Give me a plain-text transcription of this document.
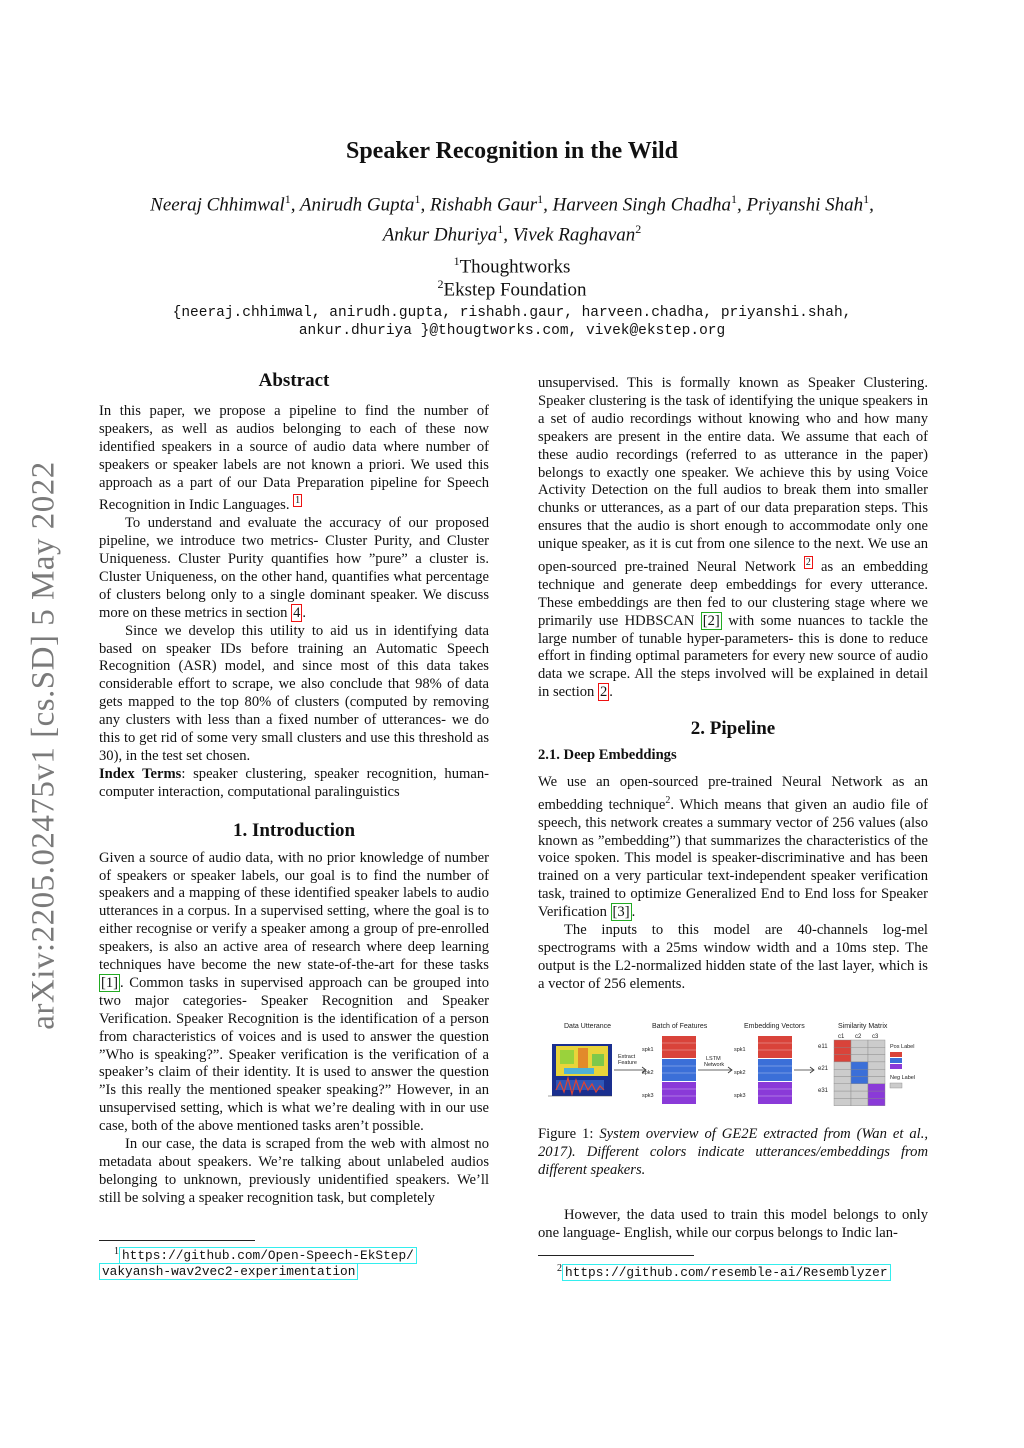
arXiv:2205.02475v1 [cs.SD] 5 May 2022
Speaker Recognition in the Wild
Neeraj Chhimwal$^1$, Anirudh Gupta$^1$, Rishabh Gaur$^1$, Harveen Singh Chadha$^1$, Priyanshi Shah$^1$,
Ankur Dhuriya$^1$, Vivek Raghavan$^2$
$^1$Thoughtworks
$^2$Ekstep Foundation
{neeraj.chhimwal, anirudh.gupta, rishabh.gaur, harveen.chadha, priyanshi.shah,
ankur.dhuriya }@thougtworks.com, vivek@ekstep.org

Abstract

In this paper, we propose a pipeline to find the number of speakers, as well as audios belonging to each of these now identified speakers in a source of audio data where number of speakers or speaker labels are not known a priori. We used this approach as a part of our Data Preparation pipeline for Speech Recognition in Indic Languages. $^1$

To understand and evaluate the accuracy of our proposed pipeline, we introduce two metrics- Cluster Purity, and Cluster Uniqueness. Cluster Purity quantifies how ”pure” a cluster is. Cluster Uniqueness, on the other hand, quantifies what percentage of clusters belong only to a single dominant speaker. We discuss more on these metrics in section 4 .

Since we develop this utility to aid us in identifying data based on speaker IDs before training an Automatic Speech Recognition (ASR) model, and since most of this data takes considerable effort to scrape, we also conclude that 98% of data gets mapped to the top 80% of clusters (computed by removing any clusters with less than a fixed number of utterances- we do this to get rid of some very small clusters and use this threshold as 30), in the test set chosen.

Index Terms: speaker clustering, speaker recognition, human-computer interaction, computational paralinguistics

1. Introduction

Given a source of audio data, with no prior knowledge of number of speakers or speaker labels, our goal is to find the number of speakers and a mapping of these identified speaker labels to audio utterances in a corpus. In a supervised setting, where the goal is to either recognise or verify a speaker among a group of pre-enrolled speakers, is also an active area of research where deep learning techniques have become the new state-of-the-art for these tasks [1] . Common tasks in supervised approach can be grouped into two major categories- Speaker Recognition and Speaker Verification. Speaker Recognition is the identification of a person from characteristics of voices and is used to answer the question ”Who is speaking?”. Speaker verification is the verification of a speaker’s claim of their identity. It is used to answer the question ”Is this really the mentioned speaker speaking?” However, in an unsupervised setting, which is what we’re dealing with in our use case, both of the above mentioned tasks aren’t possible.

In our case, the data is scraped from the web with almost no metadata about speakers. We’re talking about unlabeled audios belonging to unknown, previously unidentified speakers. We’ll still be solving a speaker recognition task, but completely

unsupervised. This is formally known as Speaker Clustering. Speaker clustering is the task of identifying the unique speakers in a set of audio recordings without knowing who and how many speakers are present in the entire data. We assume that each of these audio recordings (referred to as utterance in the paper) belongs to exactly one speaker. We achieve this by using Voice Activity Detection on the full audios to break them into smaller chunks or utterances, as a part of our data preparation steps. This ensures that the audio is short enough to accommodate only one unique speaker, as it is cut from one silence to the next. We use an open-sourced pre-trained Neural Network $^2$ as an embedding technique and generate deep embeddings for every utterance. These embeddings are then fed to our clustering stage where we primarily use HDBSCAN [2] with some nuances to tackle the large number of tunable hyper-parameters- this is done to reduce effort in finding optimal parameters for every new source of audio data we scrape. All the steps involved will be explained in detail in section 2 .

2. Pipeline

2.1. Deep Embeddings

We use an open-sourced pre-trained Neural Network as an embedding technique$^2$. Which means that given an audio file of speech, this network creates a summary vector of 256 values (also known as ”embedding”) that summarizes the characteristics of the voice spoken. This model is speaker-discriminative and has been trained on a very particular text-independent speaker verification task, trained to optimize Generalized End to End loss for Speaker Verification [3] .

The inputs to this model are 40-channels log-mel spectrograms with a 25ms window width and a 10ms step. The output is the L2-normalized hidden state of the last layer, which is a vector of 256 elements.

Data Utterance	Batch of Features	Embedding Vectors	Similarity Matrix
Extract
Feature
spk1
spk2
spk3
LSTM
Network
spk1
spk2
spk3
c1 c2 c3
e11
e21
e31
Pos Label
Neg Label

Figure 1: System overview of GE2E extracted from (Wan et al., 2017). Different colors indicate utterances/embeddings from different speakers.

However, the data used to train this model belongs to only one language- English, while our corpus belongs to Indic lan-

$^1$ https://github.com/Open-Speech-EkStep/
vakyansh-wav2vec2-experimentation	$^2$ https://github.com/resemble-ai/Resemblyzer
